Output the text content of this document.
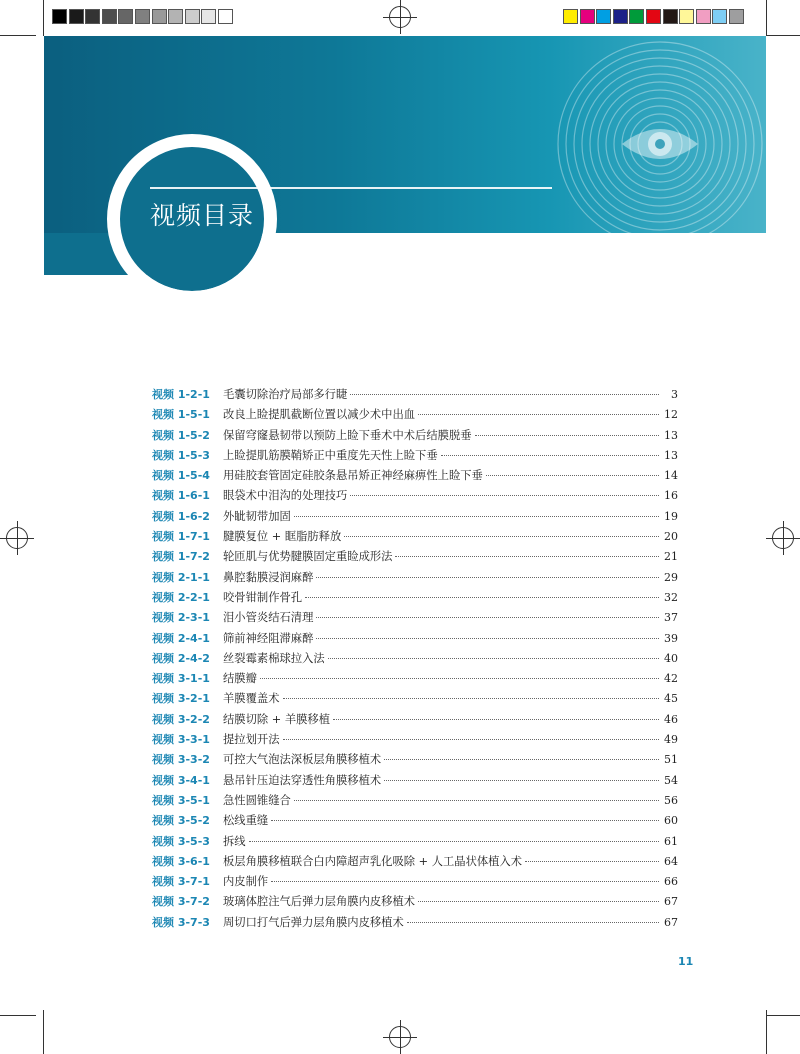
视频目录
视频 1-2-1	毛囊切除治疗局部多行睫	3
视频 1-5-1	改良上睑提肌截断位置以减少术中出血	12
视频 1-5-2	保留穹窿悬韧带以预防上睑下垂术中术后结膜脱垂	13
视频 1-5-3	上睑提肌筋膜鞘矫正中重度先天性上睑下垂	13
视频 1-5-4	用硅胶套管固定硅胶条悬吊矫正神经麻痹性上睑下垂	14
视频 1-6-1	眼袋术中泪沟的处理技巧	16
视频 1-6-2	外眦韧带加固	19
视频 1-7-1	腱膜复位 + 眶脂肪释放	20
视频 1-7-2	轮匝肌与优势腱膜固定重睑成形法	21
视频 2-1-1	鼻腔黏膜浸润麻醉	29
视频 2-2-1	咬骨钳制作骨孔	32
视频 2-3-1	泪小管炎结石清理	37
视频 2-4-1	筛前神经阻滞麻醉	39
视频 2-4-2	丝裂霉素棉球拉入法	40
视频 3-1-1	结膜瓣	42
视频 3-2-1	羊膜覆盖术	45
视频 3-2-2	结膜切除 + 羊膜移植	46
视频 3-3-1	提拉划开法	49
视频 3-3-2	可控大气泡法深板层角膜移植术	51
视频 3-4-1	悬吊针压迫法穿透性角膜移植术	54
视频 3-5-1	急性圆锥缝合	56
视频 3-5-2	松线重缝	60
视频 3-5-3	拆线	61
视频 3-6-1	板层角膜移植联合白内障超声乳化吸除 + 人工晶状体植入术	64
视频 3-7-1	内皮制作	66
视频 3-7-2	玻璃体腔注气后弹力层角膜内皮移植术	67
视频 3-7-3	周切口打气后弹力层角膜内皮移植术	67
11
